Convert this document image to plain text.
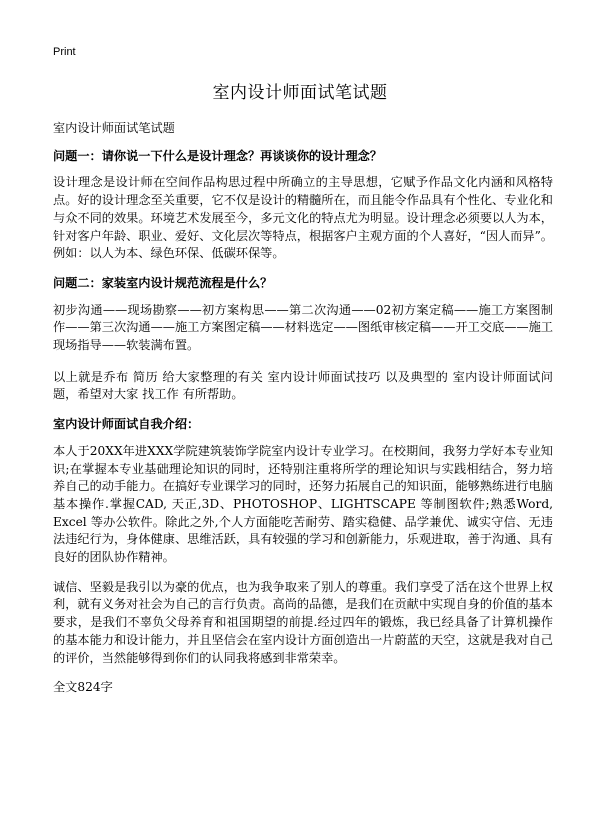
Print
室内设计师面试笔试题

室内设计师面试笔试题

问题一：请你说一下什么是设计理念？再谈谈你的设计理念？

设计理念是设计师在空间作品构思过程中所确立的主导思想，它赋予作品文化内涵和风格特点。好的设计理念至关重要，它不仅是设计的精髓所在，而且能令作品具有个性化、专业化和与众不同的效果。环境艺术发展至今，多元文化的特点尤为明显。设计理念必须要以人为本，针对客户年龄、职业、爱好、文化层次等特点，根据客户主观方面的个人喜好，“因人而异”。例如：以人为本、绿色环保、低碳环保等。

问题二：家装室内设计规范流程是什么？

初步沟通——现场勘察——初方案构思——第二次沟通——02初方案定稿——施工方案图制作——第三次沟通——施工方案图定稿——材料选定——图纸审核定稿——开工交底——施工现场指导——软装满布置。

以上就是乔布 简历 给大家整理的有关 室内设计师面试技巧 以及典型的 室内设计师面试问题，希望对大家 找工作 有所帮助。

室内设计师面试自我介绍：

本人于20XX年进XXX学院建筑装饰学院室内设计专业学习。在校期间，我努力学好本专业知识;在掌握本专业基础理论知识的同时，还特别注重将所学的理论知识与实践相结合，努力培养自己的动手能力。在搞好专业课学习的同时，还努力拓展自己的知识面，能够熟练进行电脑基本操作.掌握CAD, 天正,3D、PHOTOSHOP、LIGHTSCAPE 等制图软件;熟悉Word, Excel 等办公软件。除此之外,个人方面能吃苦耐劳、踏实稳健、品学兼优、诚实守信、无违法违纪行为，身体健康、思维活跃，具有较强的学习和创新能力，乐观进取，善于沟通、具有良好的团队协作精神。

诚信、坚毅是我引以为豪的优点，也为我争取来了别人的尊重。我们享受了活在这个世界上权利，就有义务对社会为自己的言行负责。高尚的品德，是我们在贡献中实现自身的价值的基本要求，是我们不辜负父母养育和祖国期望的前提.经过四年的锻炼，我已经具备了计算机操作的基本能力和设计能力，并且坚信会在室内设计方面创造出一片蔚蓝的天空，这就是我对自己的评价，当然能够得到你们的认同我将感到非常荣幸。

全文824字
